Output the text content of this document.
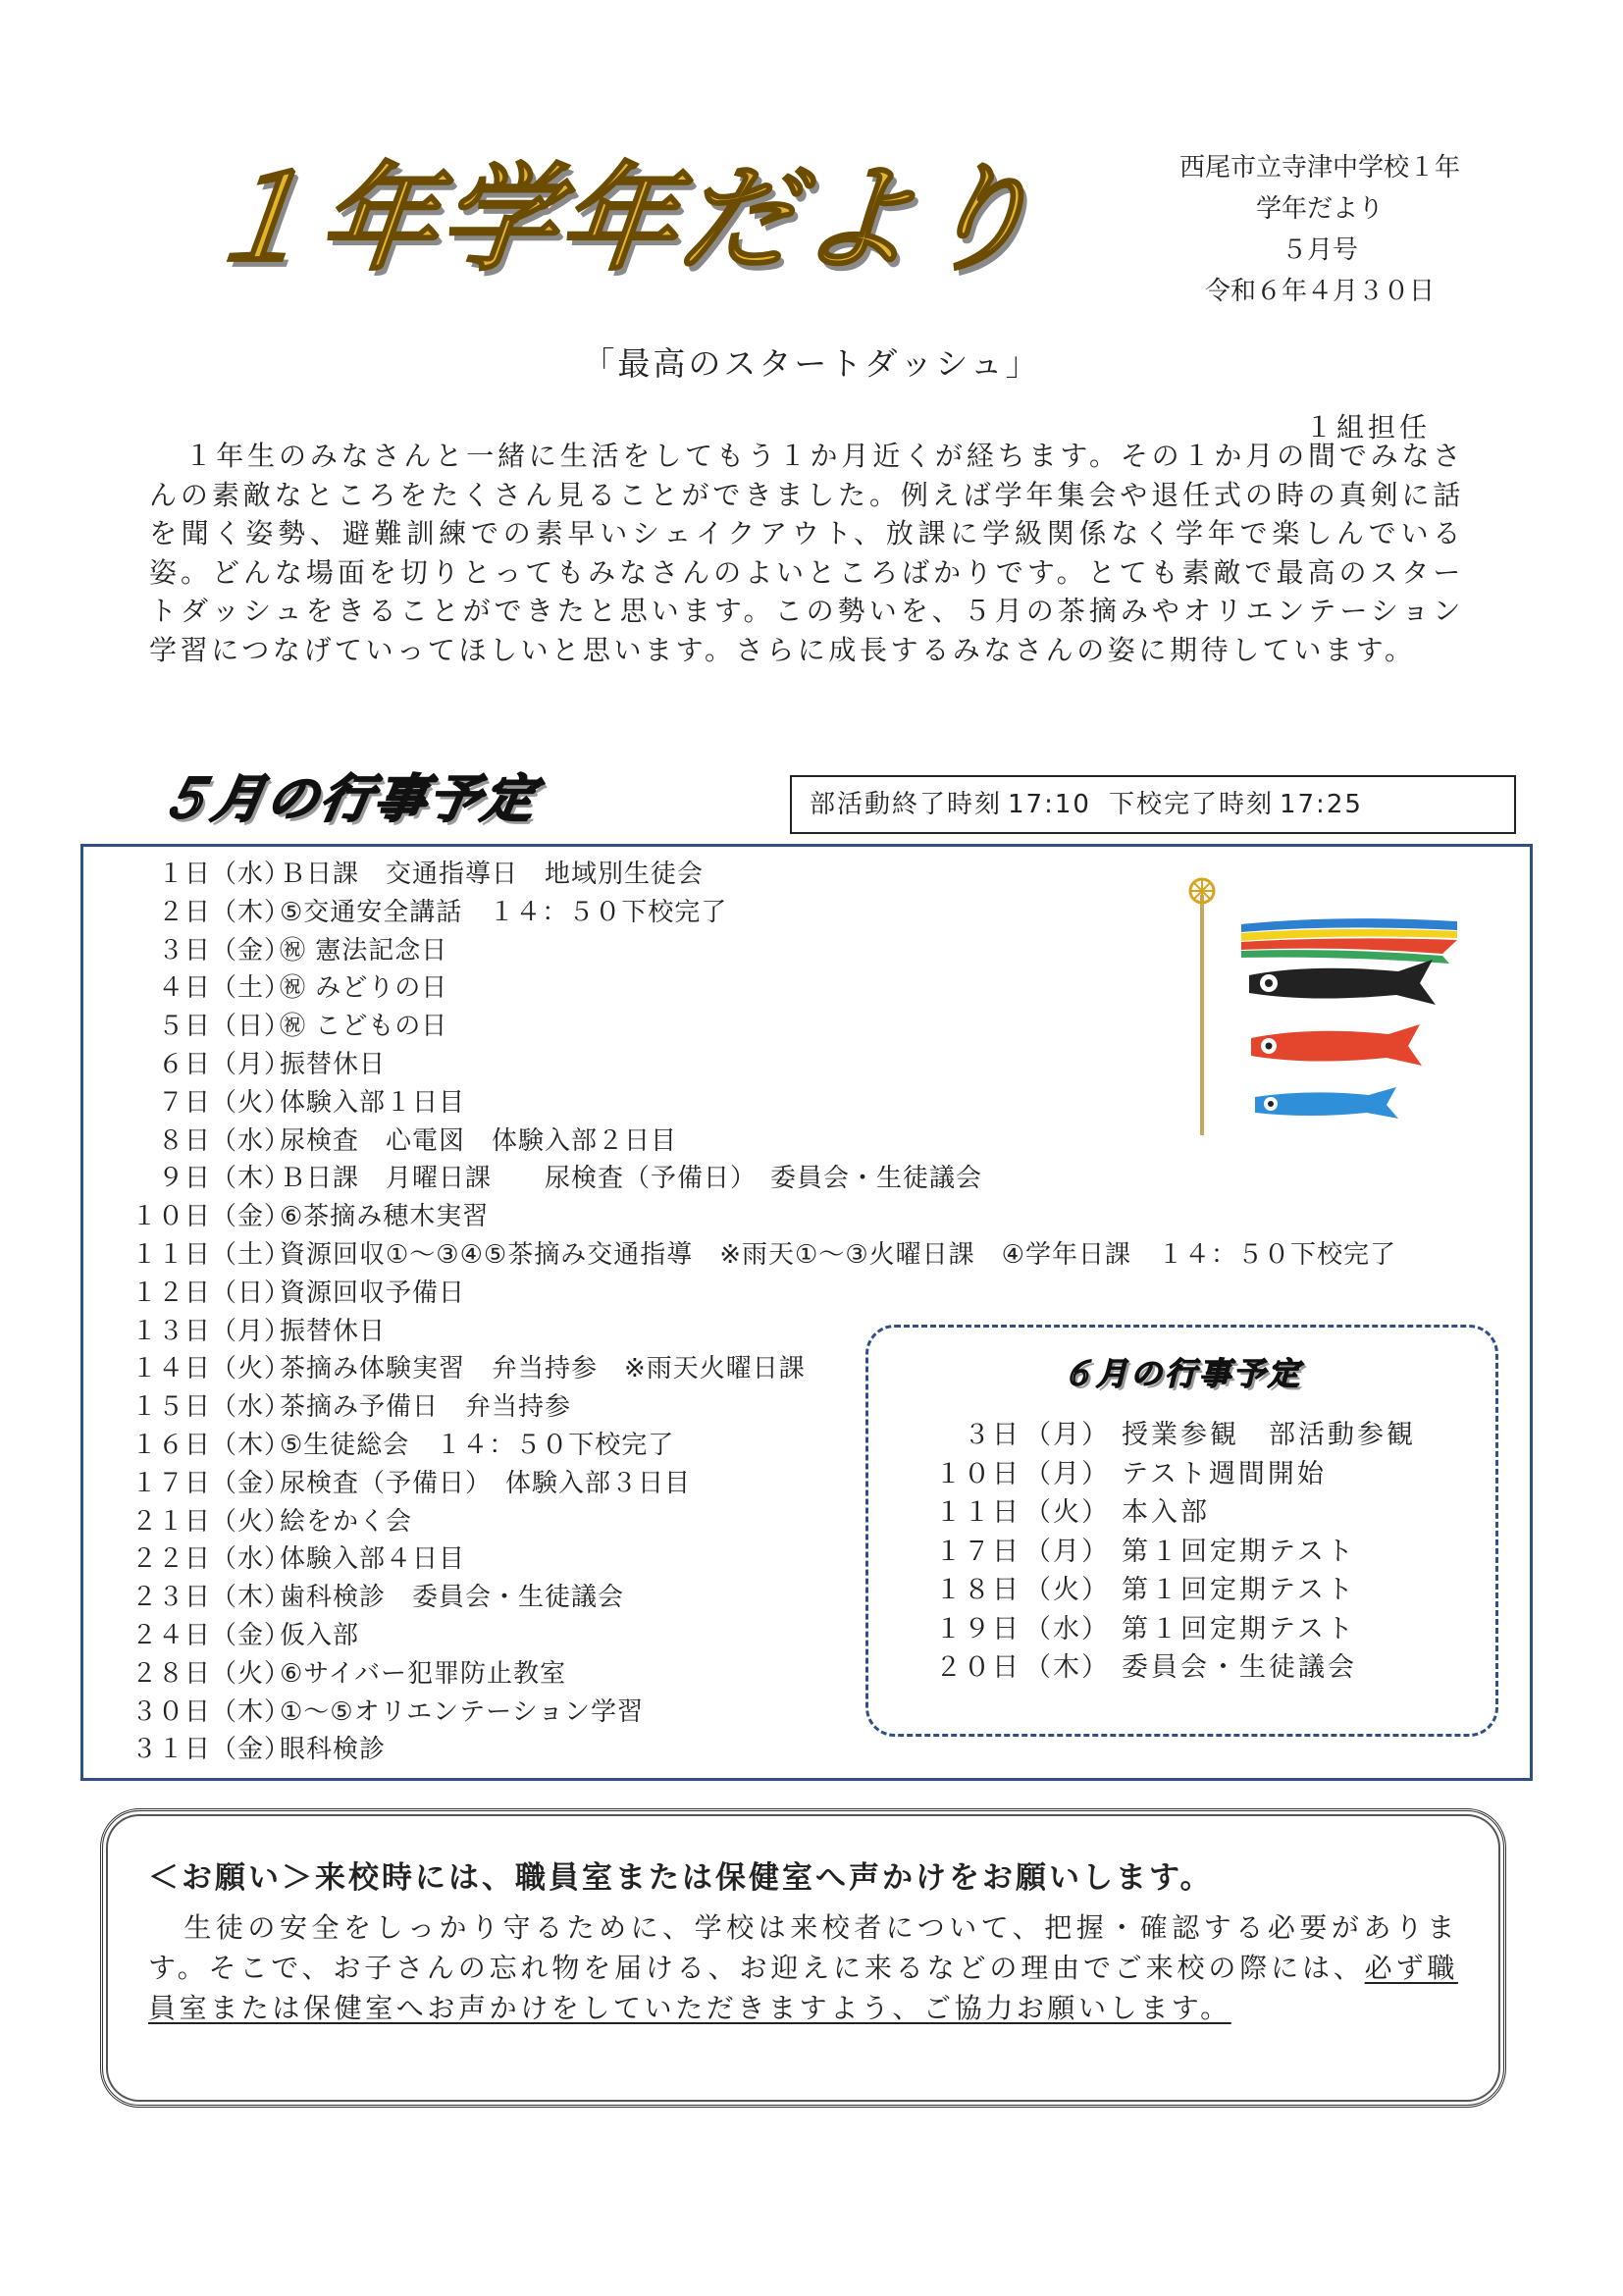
１年学年だより	西尾市立寺津中学校１年
学年だより
５月号
令和６年４月３０日
「最高のスタートダッシュ」
１組担任

１年生のみなさんと一緒に生活をしてもう１か月近くが経ちます。その１か月の間でみなさんの素敵なところをたくさん見ることができました。例えば学年集会や退任式の時の真剣に話を聞く姿勢、避難訓練での素早いシェイクアウト、放課に学級関係なく学年で楽しんでいる姿。どんな場面を切りとってもみなさんのよいところばかりです。とても素敵で最高のスタートダッシュをきることができたと思います。この勢いを、５月の茶摘みやオリエンテーション学習につなげていってほしいと思います。さらに成長するみなさんの姿に期待しています。

５月の行事予定	部活動終了時刻 17:10 下校完了時刻 17:25
１日（水）Ｂ日課　交通指導日　地域別生徒会
２日（木）⑤交通安全講話　１４：５０下校完了
３日（金）㊗ 憲法記念日
４日（土）㊗ みどりの日
５日（日）㊗ こどもの日
６日（月）振替休日
７日（火）体験入部１日目
８日（水）尿検査　心電図　体験入部２日目
９日（木）Ｂ日課　月曜日課　　尿検査（予備日）　委員会・生徒議会
１０日（金）⑥茶摘み穂木実習
１１日（土）資源回収①～③④⑤茶摘み交通指導　※雨天①～③火曜日課　④学年日課　１４：５０下校完了
１２日（日）資源回収予備日
１３日（月）振替休日
１４日（火）茶摘み体験実習　弁当持参　※雨天火曜日課
１５日（水）茶摘み予備日　弁当持参
１６日（木）⑤生徒総会　１４：５０下校完了
１７日（金）尿検査（予備日）　体験入部３日目
２１日（火）絵をかく会
２２日（水）体験入部４日目
２３日（木）歯科検診　委員会・生徒議会
２４日（金）仮入部
２８日（火）⑥サイバー犯罪防止教室
３０日（木）①～⑤オリエンテーション学習
３１日（金）眼科検診
６月の行事予定
３日 （月） 授業参観　部活動参観
１０日 （月） テスト週間開始
１１日 （火） 本入部
１７日 （月） 第１回定期テスト
１８日 （火） 第１回定期テスト
１９日 （水） 第１回定期テスト
２０日 （木） 委員会・生徒議会
＜お願い＞来校時には、職員室または保健室へ声かけをお願いします。

生徒の安全をしっかり守るために、学校は来校者について、把握・確認する必要があります。そこで、お子さんの忘れ物を届ける、お迎えに来るなどの理由でご来校の際には、必ず職員室または保健室へお声かけをしていただきますよう、ご協力お願いします。
